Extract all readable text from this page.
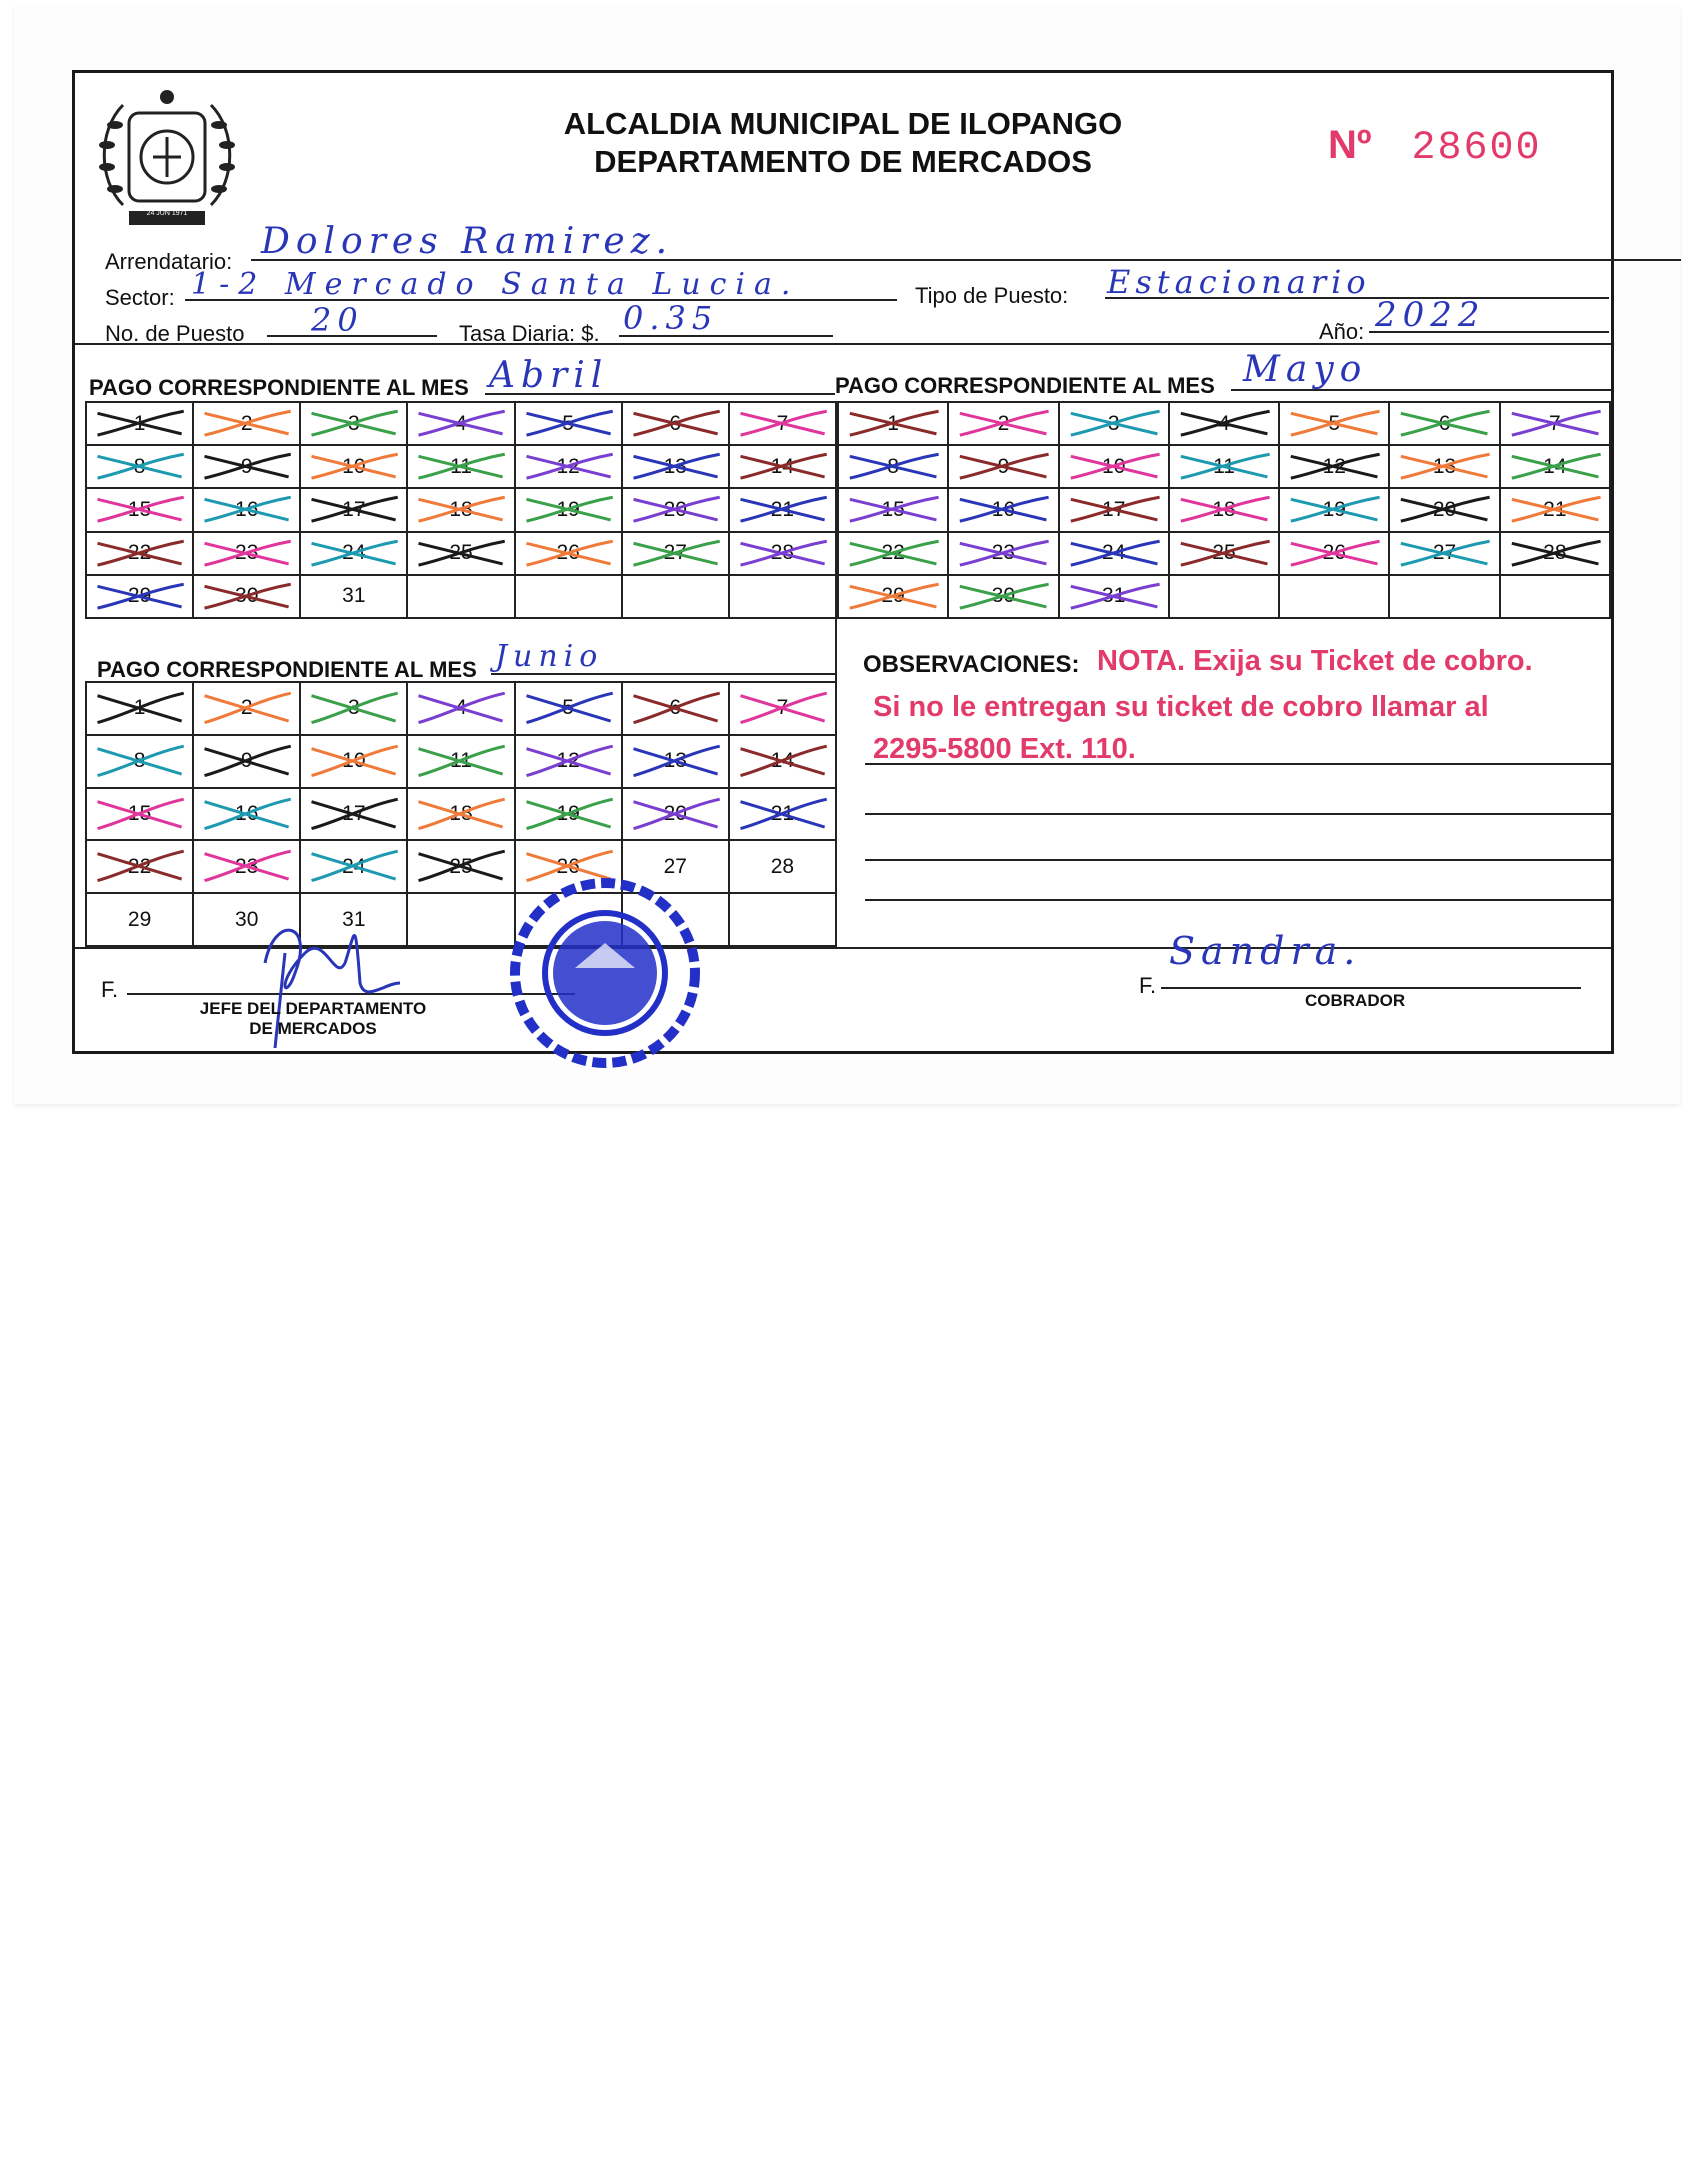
24 JUN 1971
ALCALDIA MUNICIPAL DE ILOPANGO
DEPARTAMENTO DE MERCADOS	Nº 28600
Arrendatario: Dolores Ramirez.
Sector: 1-2 Mercado Santa Lucia.	Tipo de Puesto: Estacionario
No. de Puesto 20	Tasa Diaria: $. 0.35	Año: 2022
PAGO CORRESPONDIENTE AL MES Abril
1	2	3	4	5	6	7
8	9	10	11	12	13	14
15	16	17	18	19	20	21
22	23	24	25	26	27	28
29	30	31
PAGO CORRESPONDIENTE AL MES Mayo
1	2	3	4	5	6	7
8	9	10	11	12	13	14
15	16	17	18	19	20	21
22	23	24	25	26	27	28
29	30	31
PAGO CORRESPONDIENTE AL MES Junio
1	2	3	4	5	6	7
8	9	10	11	12	13	14
15	16	17	18	19	20	21
22	23	24	25	26	27	28
29	30	31
OBSERVACIONES: NOTA. Exija su Ticket de cobro.
Si no le entregan su ticket de cobro llamar al
2295-5800 Ext. 110.
F.
JEFE DEL DEPARTAMENTO
DE MERCADOS
F.
Sandra.
COBRADOR
